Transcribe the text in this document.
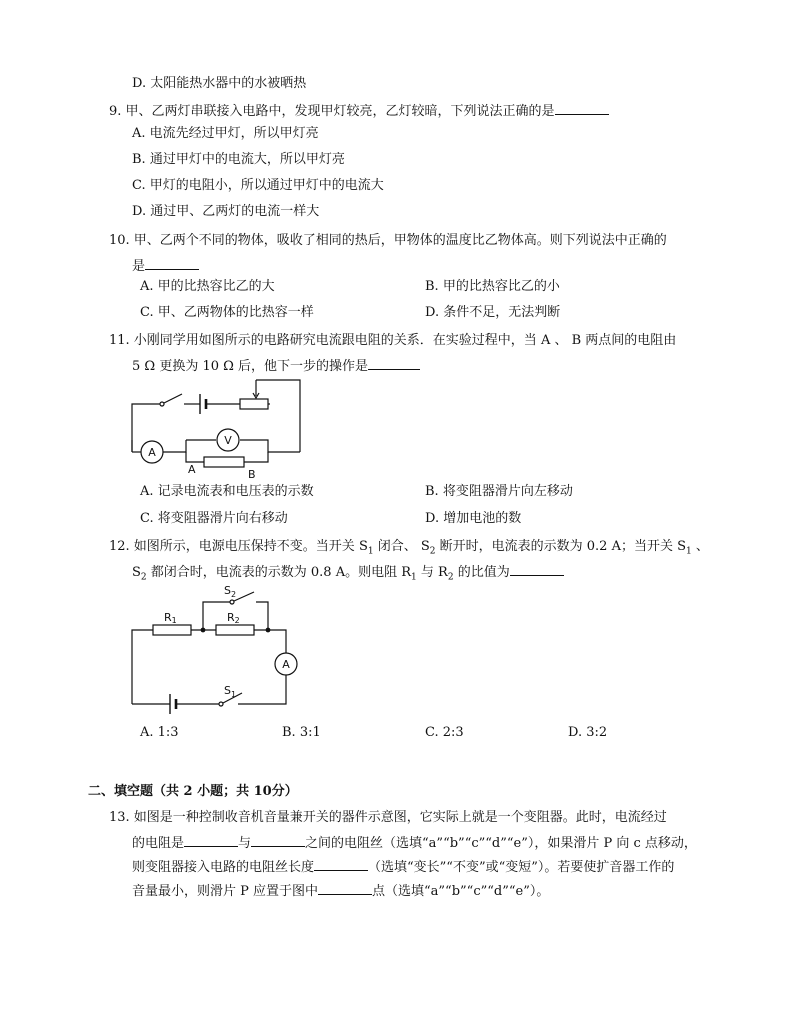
D. 太阳能热水器中的水被晒热
9. 甲、乙两灯串联接入电路中，发现甲灯较亮，乙灯较暗，下列说法正确的是
A. 电流先经过甲灯，所以甲灯亮
B. 通过甲灯中的电流大，所以甲灯亮
C. 甲灯的电阻小，所以通过甲灯中的电流大
D. 通过甲、乙两灯的电流一样大
10. 甲、乙两个不同的物体，吸收了相同的热后，甲物体的温度比乙物体高。则下列说法中正确的
是
A. 甲的比热容比乙的大	B. 甲的比热容比乙的小
C. 甲、乙两物体的比热容一样	D. 条件不足，无法判断
11. 小刚同学用如图所示的电路研究电流跟电阻的关系．在实验过程中，当 A 、 B 两点间的电阻由
5 Ω 更换为 10 Ω 后，他下一步的操作是
A
V
A	B
A. 记录电流表和电压表的示数	B. 将变阻器滑片向左移动
C. 将变阻器滑片向右移动	D. 增加电池的数
12. 如图所示，电源电压保持不变。当开关 $S_1$ 闭合、 $S_2$ 断开时，电流表的示数为 0.2 A；当开关 $S_1$ 、
$S_2$ 都闭合时，电流表的示数为 0.8 A。则电阻 $R_1$ 与 $R_2$ 的比值为
$S_2$
R1	R2
A
$S_1$
A. 1:3	B. 3:1	C. 2:3	D. 3:2
二、填空题（共 2 小题；共 10分）
13. 如图是一种控制收音机音量兼开关的器件示意图，它实际上就是一个变阻器。此时，电流经过
的电阻是	与	之间的电阻丝（选填“a”“b”“c”“d”“e”），如果滑片 P 向 c 点移动，
则变阻器接入电路的电阻丝长度	（选填“变长”“不变”或“变短”）。若要使扩音器工作的
音量最小，则滑片 P 应置于图中	点（选填“a”“b”“c”“d”“e”）。
